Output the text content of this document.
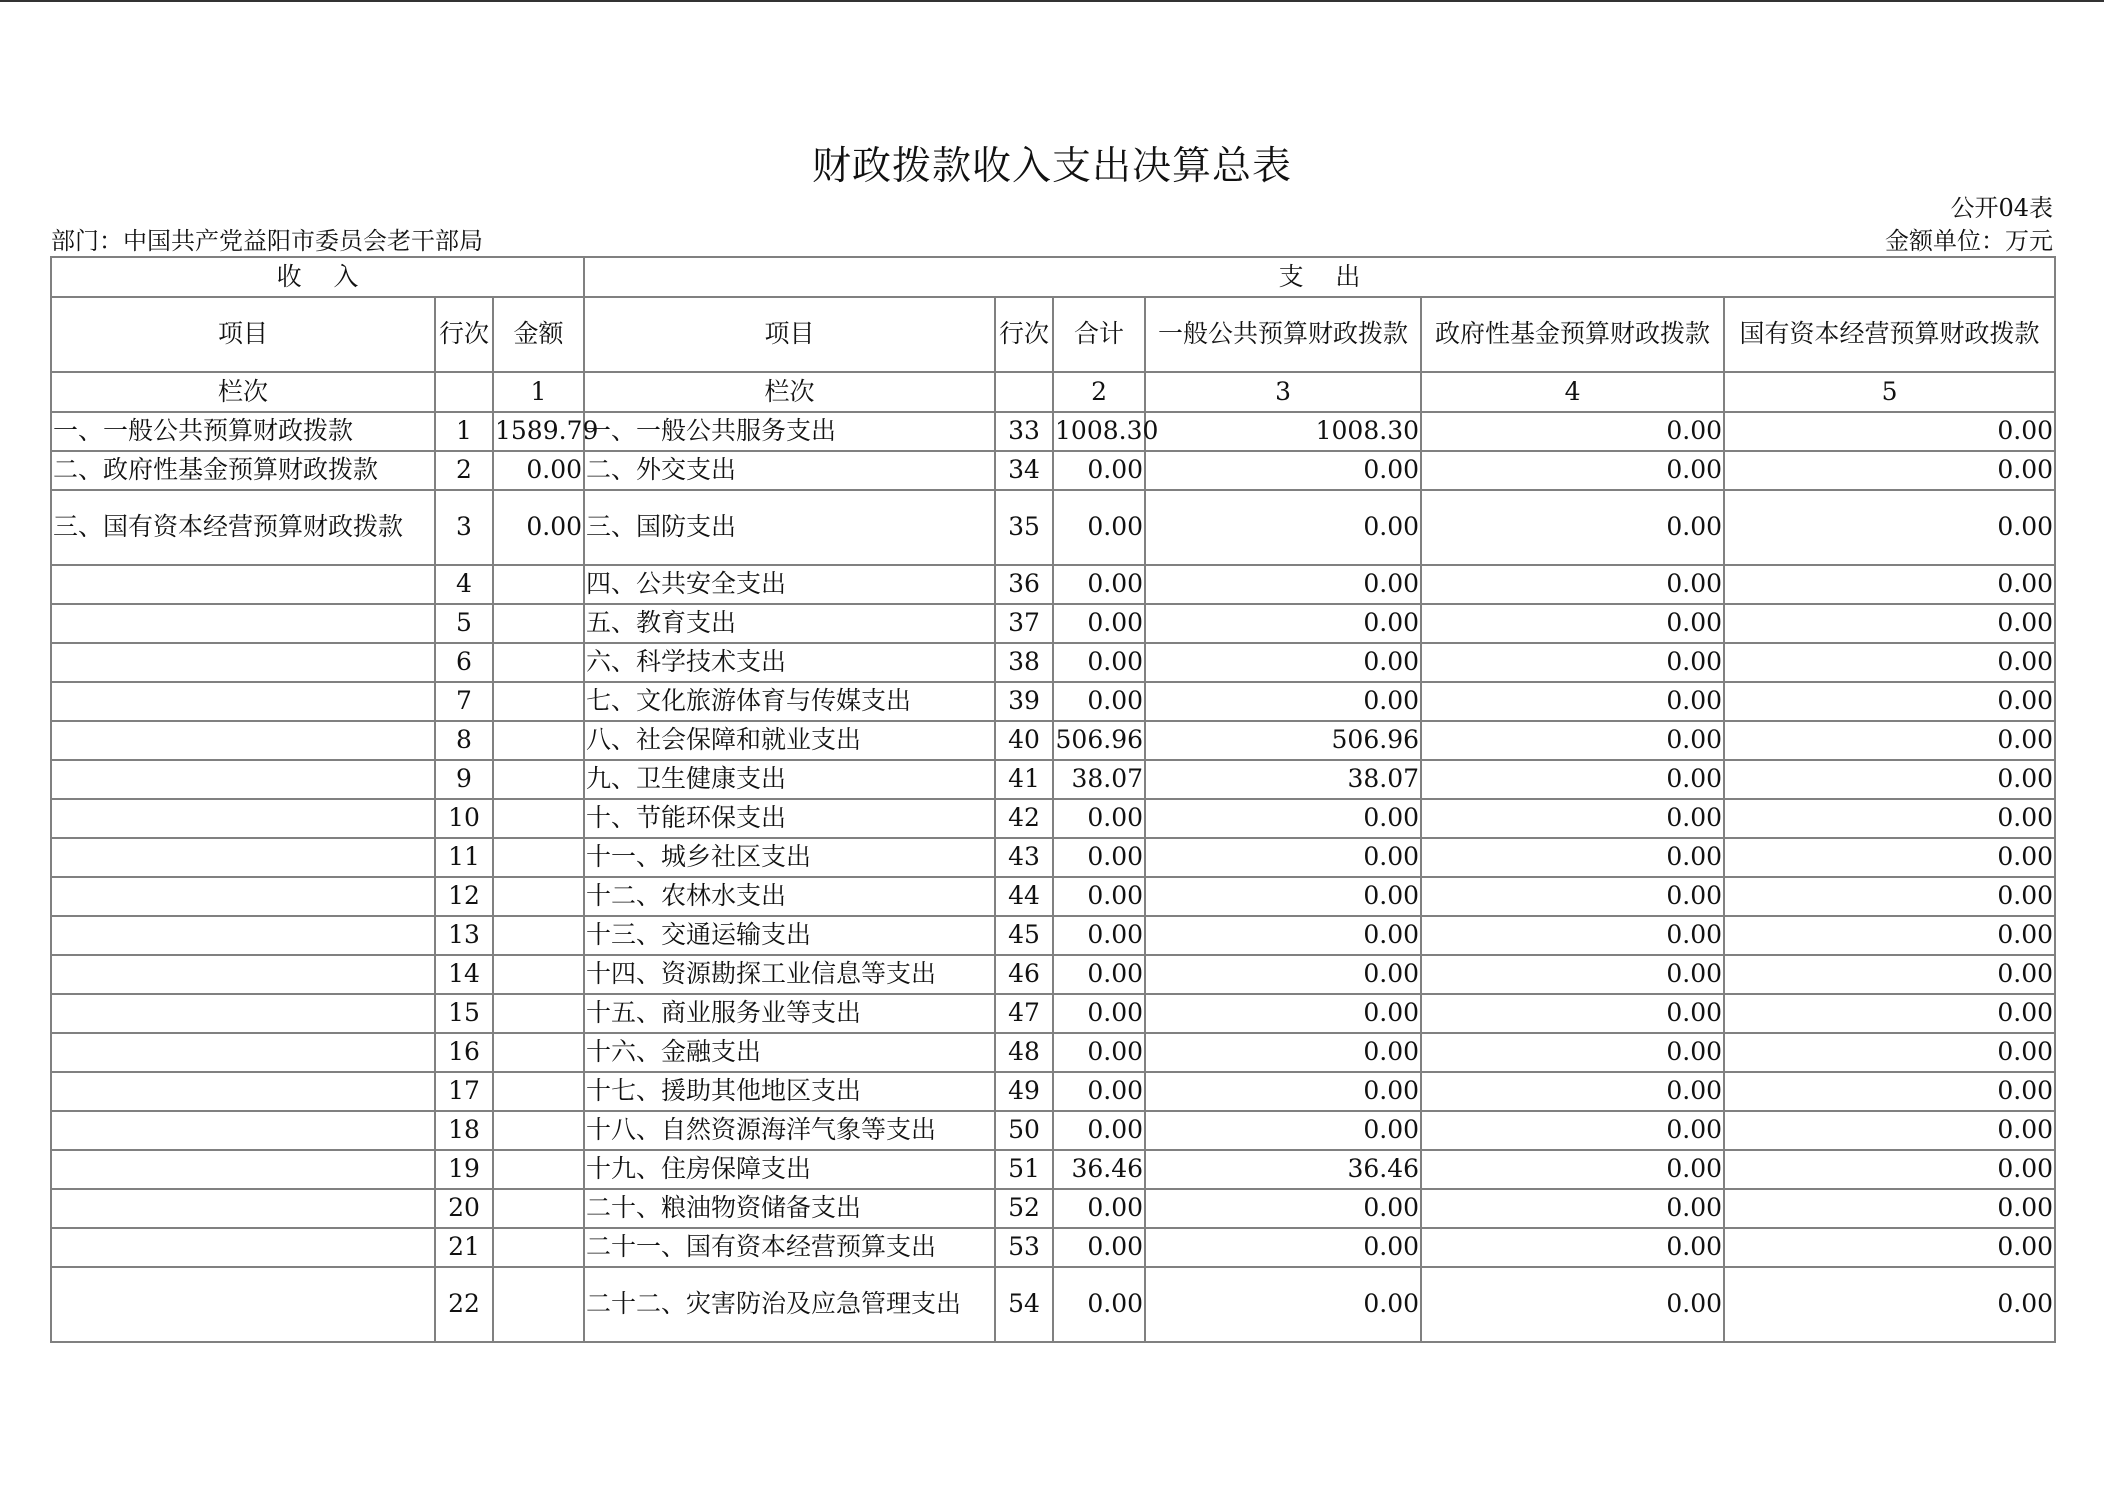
财政拨款收入支出决算总表
公开04表
部门：中国共产党益阳市委员会老干部局	金额单位：万元
收    入			支    出					
项目	行次	金额	项目	行次	合计	一般公共预算财政拨款	政府性基金预算财政拨款	国有资本经营预算财政拨款
栏次		1	栏次		2	3	4	5
一、一般公共预算财政拨款	1	1589.79	一、一般公共服务支出	33	1008.30	1008.30	0.00	0.00
二、政府性基金预算财政拨款	2	0.00	二、外交支出	34	0.00	0.00	0.00	0.00
三、国有资本经营预算财政拨款	3	0.00	三、国防支出	35	0.00	0.00	0.00	0.00
	4		四、公共安全支出	36	0.00	0.00	0.00	0.00
	5		五、教育支出	37	0.00	0.00	0.00	0.00
	6		六、科学技术支出	38	0.00	0.00	0.00	0.00
	7		七、文化旅游体育与传媒支出	39	0.00	0.00	0.00	0.00
	8		八、社会保障和就业支出	40	506.96	506.96	0.00	0.00
	9		九、卫生健康支出	41	38.07	38.07	0.00	0.00
	10		十、节能环保支出	42	0.00	0.00	0.00	0.00
	11		十一、城乡社区支出	43	0.00	0.00	0.00	0.00
	12		十二、农林水支出	44	0.00	0.00	0.00	0.00
	13		十三、交通运输支出	45	0.00	0.00	0.00	0.00
	14		十四、资源勘探工业信息等支出	46	0.00	0.00	0.00	0.00
	15		十五、商业服务业等支出	47	0.00	0.00	0.00	0.00
	16		十六、金融支出	48	0.00	0.00	0.00	0.00
	17		十七、援助其他地区支出	49	0.00	0.00	0.00	0.00
	18		十八、自然资源海洋气象等支出	50	0.00	0.00	0.00	0.00
	19		十九、住房保障支出	51	36.46	36.46	0.00	0.00
	20		二十、粮油物资储备支出	52	0.00	0.00	0.00	0.00
	21		二十一、国有资本经营预算支出	53	0.00	0.00	0.00	0.00
	22		二十二、灾害防治及应急管理支出	54	0.00	0.00	0.00	0.00
